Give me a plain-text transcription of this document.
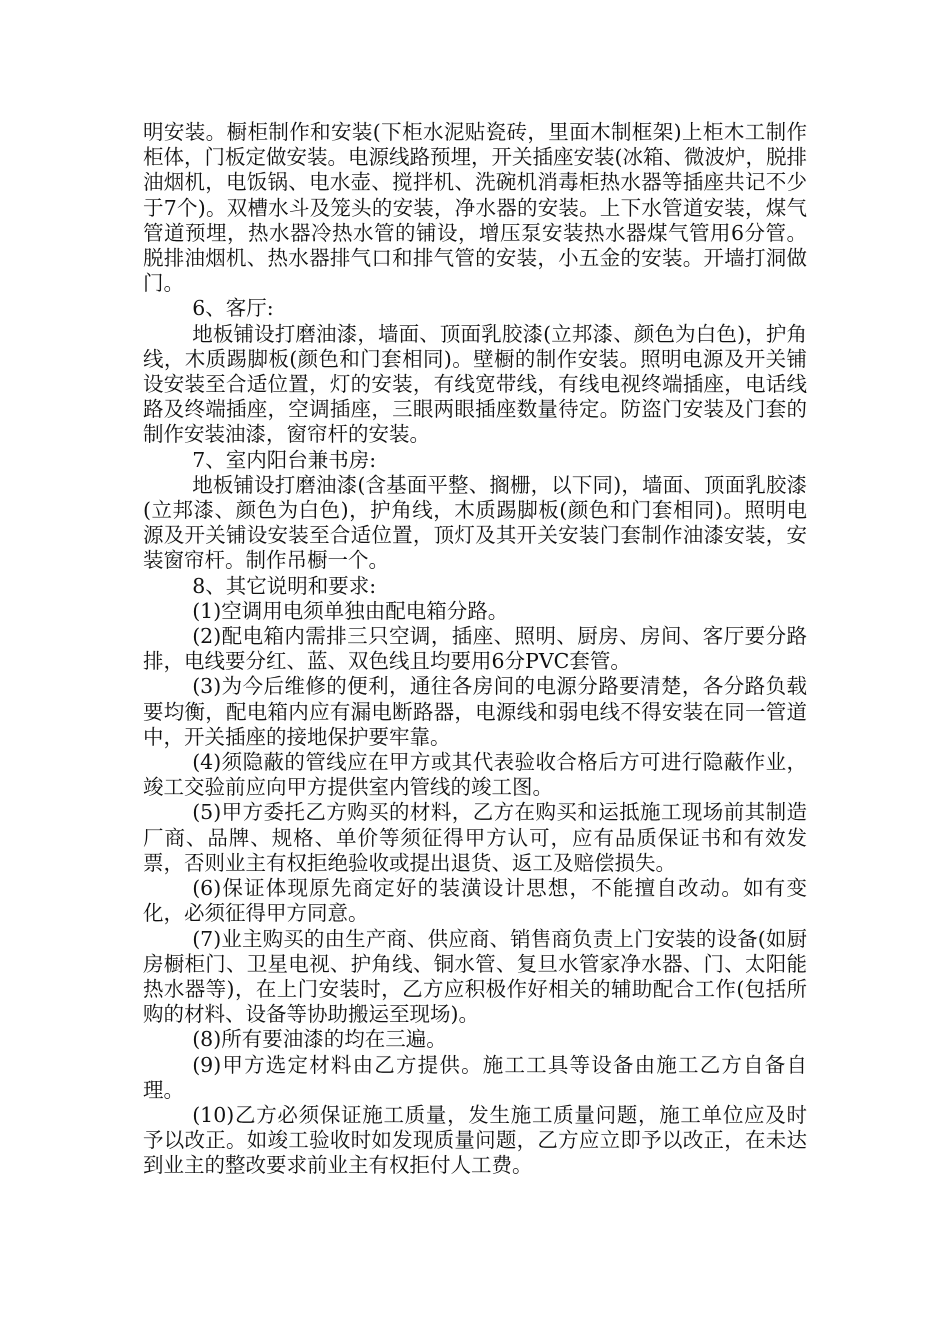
明安装。橱柜制作和安装(下柜水泥贴瓷砖，里面木制框架)上柜木工制作柜体，门板定做安装。电源线路预埋，开关插座安装(冰箱、微波炉，脱排油烟机，电饭锅、电水壶、搅拌机、洗碗机消毒柜热水器等插座共记不少于7个)。双槽水斗及笼头的安装，净水器的安装。上下水管道安装，煤气管道预埋，热水器冷热水管的铺设，增压泵安装热水器煤气管用6分管。脱排油烟机、热水器排气口和排气管的安装，小五金的安装。开墙打洞做门。

6、客厅:

地板铺设打磨油漆，墙面、顶面乳胶漆(立邦漆、颜色为白色)，护角线，木质踢脚板(颜色和门套相同)。壁橱的制作安装。照明电源及开关铺设安装至合适位置，灯的安装，有线宽带线，有线电视终端插座，电话线路及终端插座，空调插座，三眼两眼插座数量待定。防盗门安装及门套的制作安装油漆，窗帘杆的安装。

7、室内阳台兼书房:

地板铺设打磨油漆(含基面平整、搁栅，以下同)，墙面、顶面乳胶漆(立邦漆、颜色为白色)，护角线，木质踢脚板(颜色和门套相同)。照明电源及开关铺设安装至合适位置，顶灯及其开关安装门套制作油漆安装，安装窗帘杆。制作吊橱一个。

8、其它说明和要求:

(1)空调用电须单独由配电箱分路。

(2)配电箱内需排三只空调，插座、照明、厨房、房间、客厅要分路排，电线要分红、蓝、双色线且均要用6分PVC套管。

(3)为今后维修的便利，通往各房间的电源分路要清楚，各分路负载要均衡，配电箱内应有漏电断路器，电源线和弱电线不得安装在同一管道中，开关插座的接地保护要牢靠。

(4)须隐蔽的管线应在甲方或其代表验收合格后方可进行隐蔽作业，竣工交验前应向甲方提供室内管线的竣工图。

(5)甲方委托乙方购买的材料，乙方在购买和运抵施工现场前其制造厂商、品牌、规格、单价等须征得甲方认可，应有品质保证书和有效发票，否则业主有权拒绝验收或提出退货、返工及赔偿损失。

(6)保证体现原先商定好的装潢设计思想，不能擅自改动。如有变化，必须征得甲方同意。

(7)业主购买的由生产商、供应商、销售商负责上门安装的设备(如厨房橱柜门、卫星电视、护角线、铜水管、复旦水管家净水器、门、太阳能热水器等)，在上门安装时，乙方应积极作好相关的辅助配合工作(包括所购的材料、设备等协助搬运至现场)。

(8)所有要油漆的均在三遍。

(9)甲方选定材料由乙方提供。施工工具等设备由施工乙方自备自理。

(10)乙方必须保证施工质量，发生施工质量问题，施工单位应及时予以改正。如竣工验收时如发现质量问题，乙方应立即予以改正，在未达到业主的整改要求前业主有权拒付人工费。
